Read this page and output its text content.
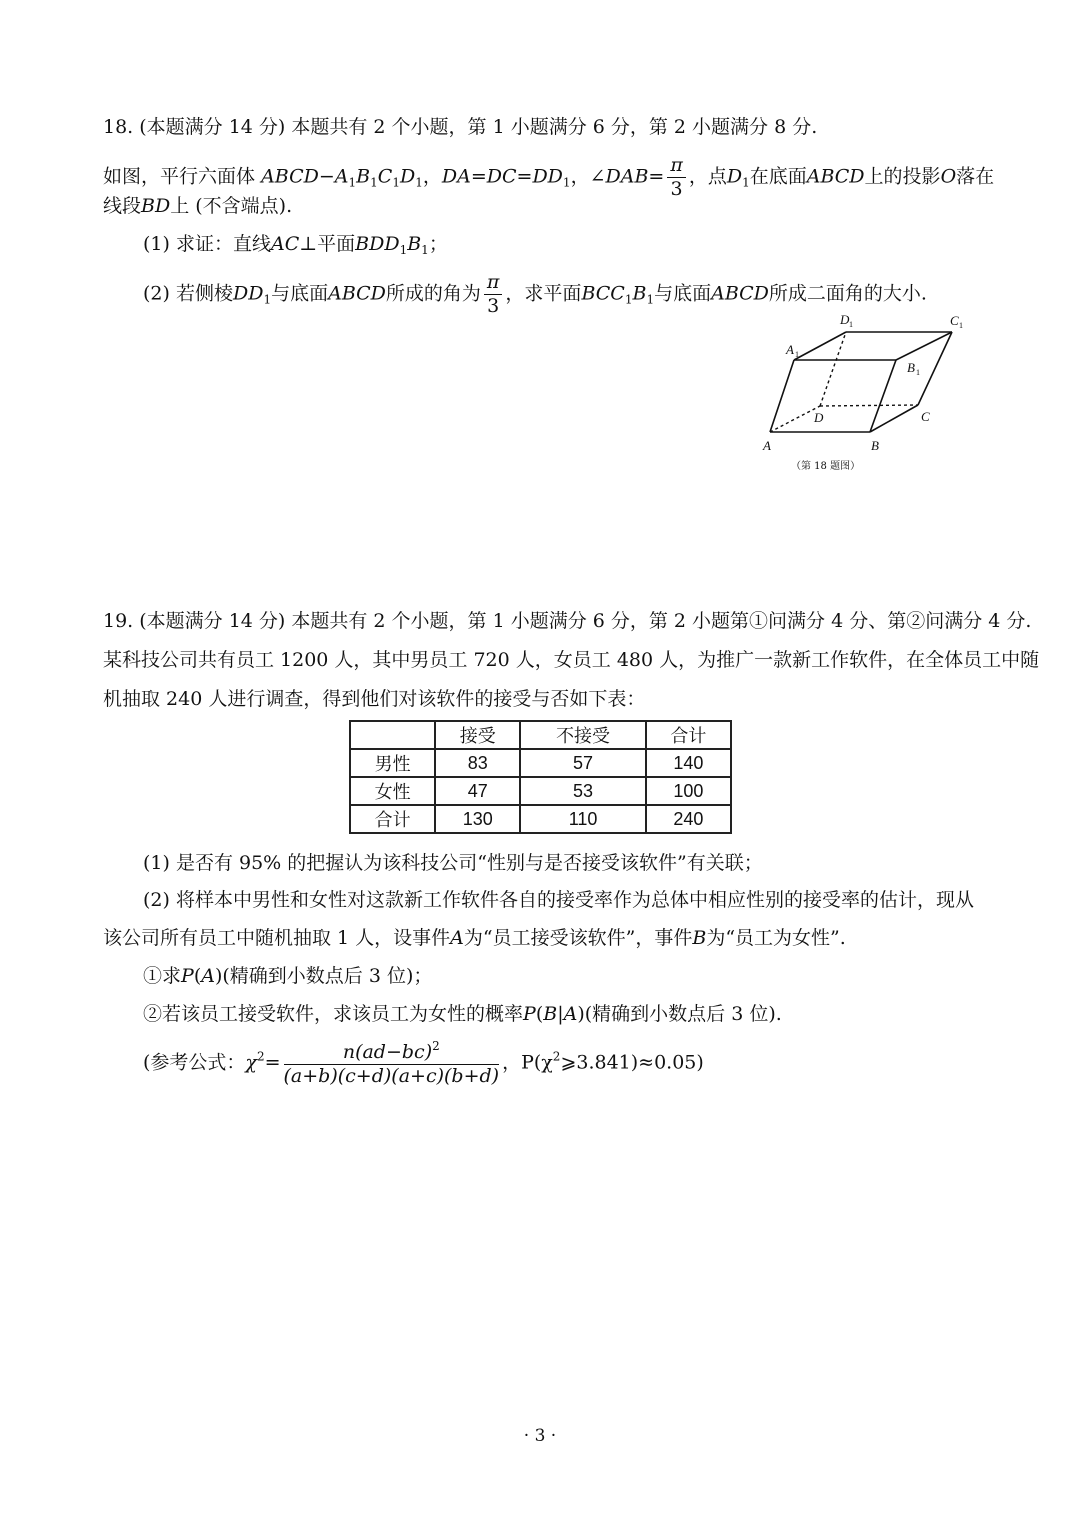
18. (本题满分 14 分) 本题共有 2 个小题，第 1 小题满分 6 分，第 2 小题满分 8 分.
如图，平行六面体 $ABCD-A_1B_1C_1D_1$，$DA=DC=DD_1$，∠DAB= $\frac{\pi}{3}$ ，点$D_1$在底面ABCD上的投影O落在
线段BD上 (不含端点).
(1) 求证：直线AC⊥平面$BDD_1B_1$；
(2) 若侧棱$DD_1$与底面ABCD所成的角为 $\frac{\pi}{3}$ ，求平面$BCC_1B_1$与底面ABCD所成二面角的大小.
A	B
C
D
A
B
C
D
1
1
1
1
（第 18 题图）
19. (本题满分 14 分) 本题共有 2 个小题，第 1 小题满分 6 分，第 2 小题第①问满分 4 分、第②问满分 4 分.
某科技公司共有员工 1200 人，其中男员工 720 人，女员工 480 人，为推广一款新工作软件，在全体员工中随
机抽取 240 人进行调查，得到他们对该软件的接受与否如下表：
	接受	不接受	合计
男性	83	57	140
女性	47	53	100
合计	130	110	240
(1) 是否有 95% 的把握认为该科技公司“性别与是否接受该软件”有关联；
(2) 将样本中男性和女性对这款新工作软件各自的接受率作为总体中相应性别的接受率的估计，现从
该公司所有员工中随机抽取 1 人，设事件A为“员工接受该软件”，事件B为“员工为女性”.
①求P(A)(精确到小数点后 3 位)；
②若该员工接受软件，求该员工为女性的概率P(B|A)(精确到小数点后 3 位).
(参考公式：$\chi^2= \frac{n(ad-bc)^2}{(a+b)(c+d)(a+c)(b+d)}$ ，$P(\chi^2⩾3.841)\approx 0.05$)
· 3 ·
